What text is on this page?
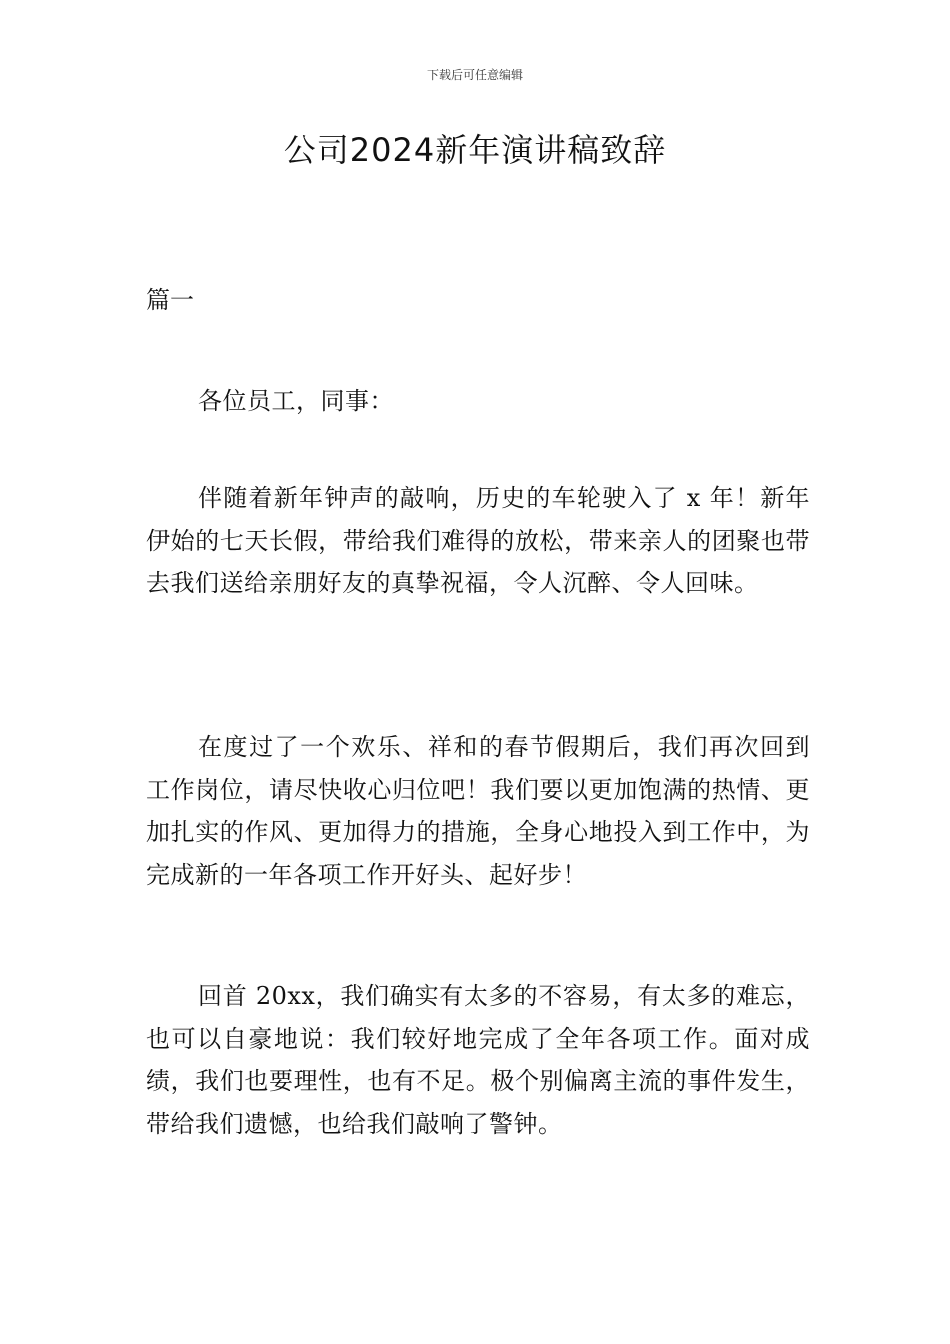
下载后可任意编辑
公司2024新年演讲稿致辞

篇一

各位员工，同事：

伴随着新年钟声的敲响，历史的车轮驶入了 x 年！新年伊始的七天长假，带给我们难得的放松，带来亲人的团聚也带去我们送给亲朋好友的真挚祝福，令人沉醉、令人回味。

在度过了一个欢乐、祥和的春节假期后，我们再次回到工作岗位，请尽快收心归位吧！我们要以更加饱满的热情、更加扎实的作风、更加得力的措施，全身心地投入到工作中，为完成新的一年各项工作开好头、起好步！

回首 20xx，我们确实有太多的不容易，有太多的难忘，也可以自豪地说：我们较好地完成了全年各项工作。面对成绩，我们也要理性，也有不足。极个别偏离主流的事件发生，带给我们遗憾，也给我们敲响了警钟。
